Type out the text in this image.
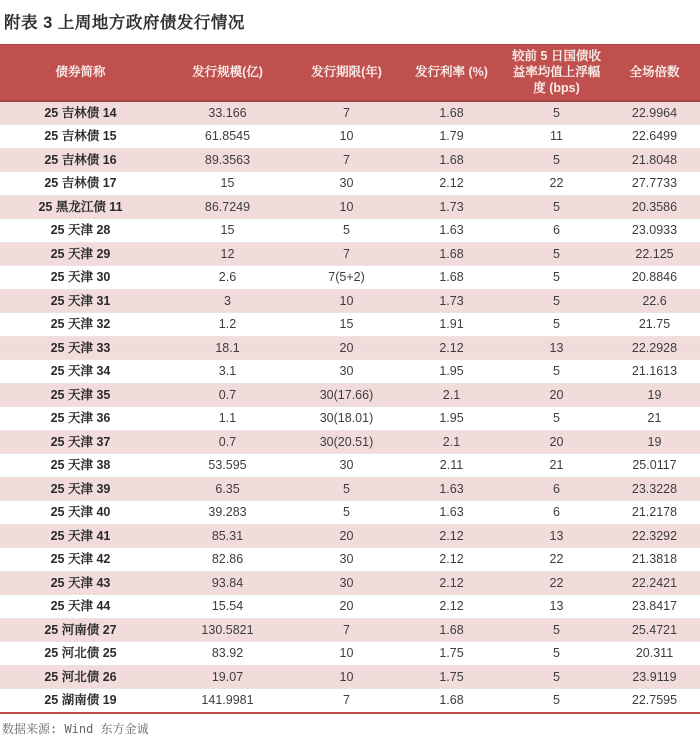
附表 3 上周地方政府债发行情况
债券简称	发行规模(亿)	发行期限(年)	发行利率 (%)	较前 5 日国债收益率均值上浮幅度 (bps)	全场倍数
25 吉林债 14	33.166	7	1.68	5	22.9964
25 吉林债 15	61.8545	10	1.79	11	22.6499
25 吉林债 16	89.3563	7	1.68	5	21.8048
25 吉林债 17	15	30	2.12	22	27.7733
25 黑龙江债 11	86.7249	10	1.73	5	20.3586
25 天津 28	15	5	1.63	6	23.0933
25 天津 29	12	7	1.68	5	22.125
25 天津 30	2.6	7(5+2)	1.68	5	20.8846
25 天津 31	3	10	1.73	5	22.6
25 天津 32	1.2	15	1.91	5	21.75
25 天津 33	18.1	20	2.12	13	22.2928
25 天津 34	3.1	30	1.95	5	21.1613
25 天津 35	0.7	30(17.66)	2.1	20	19
25 天津 36	1.1	30(18.01)	1.95	5	21
25 天津 37	0.7	30(20.51)	2.1	20	19
25 天津 38	53.595	30	2.11	21	25.0117
25 天津 39	6.35	5	1.63	6	23.3228
25 天津 40	39.283	5	1.63	6	21.2178
25 天津 41	85.31	20	2.12	13	22.3292
25 天津 42	82.86	30	2.12	22	21.3818
25 天津 43	93.84	30	2.12	22	22.2421
25 天津 44	15.54	20	2.12	13	23.8417
25 河南债 27	130.5821	7	1.68	5	25.4721
25 河北债 25	83.92	10	1.75	5	20.311
25 河北债 26	19.07	10	1.75	5	23.9119
25 湖南债 19	141.9981	7	1.68	5	22.7595
数据来源: Wind 东方金诚
